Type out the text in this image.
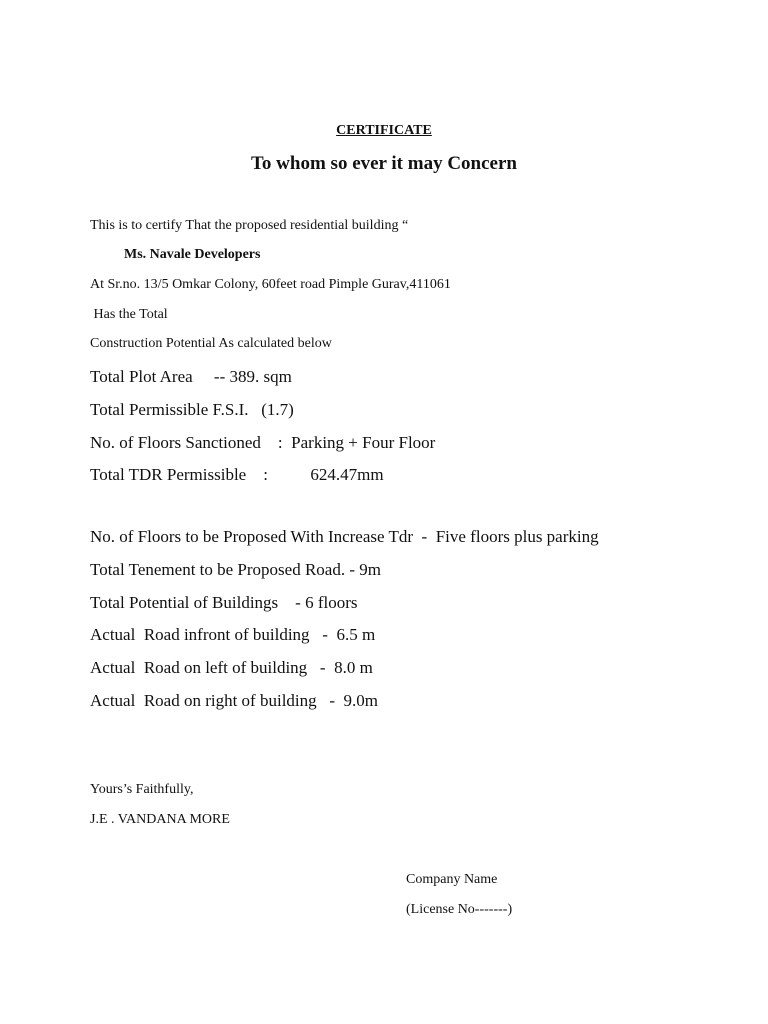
CERTIFICATE
To whom so ever it may Concern
This is to certify That the proposed residential building “
Ms. Navale Developers
At Sr.no. 13/5 Omkar Colony, 60feet road Pimple Gurav,411061
Has the Total
Construction Potential As calculated below
Total Plot Area     -- 389. sqm
Total Permissible F.S.I.   (1.7)
No. of Floors Sanctioned    :  Parking + Four Floor
Total TDR Permissible    :          624.47mm
No. of Floors to be Proposed With Increase Tdr  -  Five floors plus parking
Total Tenement to be Proposed Road. - 9m
Total Potential of Buildings    - 6 floors
Actual  Road infront of building   -  6.5 m
Actual  Road on left of building   -  8.0 m
Actual  Road on right of building   -  9.0m
Yours’s Faithfully,
J.E . VANDANA MORE
Company Name
(License No-------)
